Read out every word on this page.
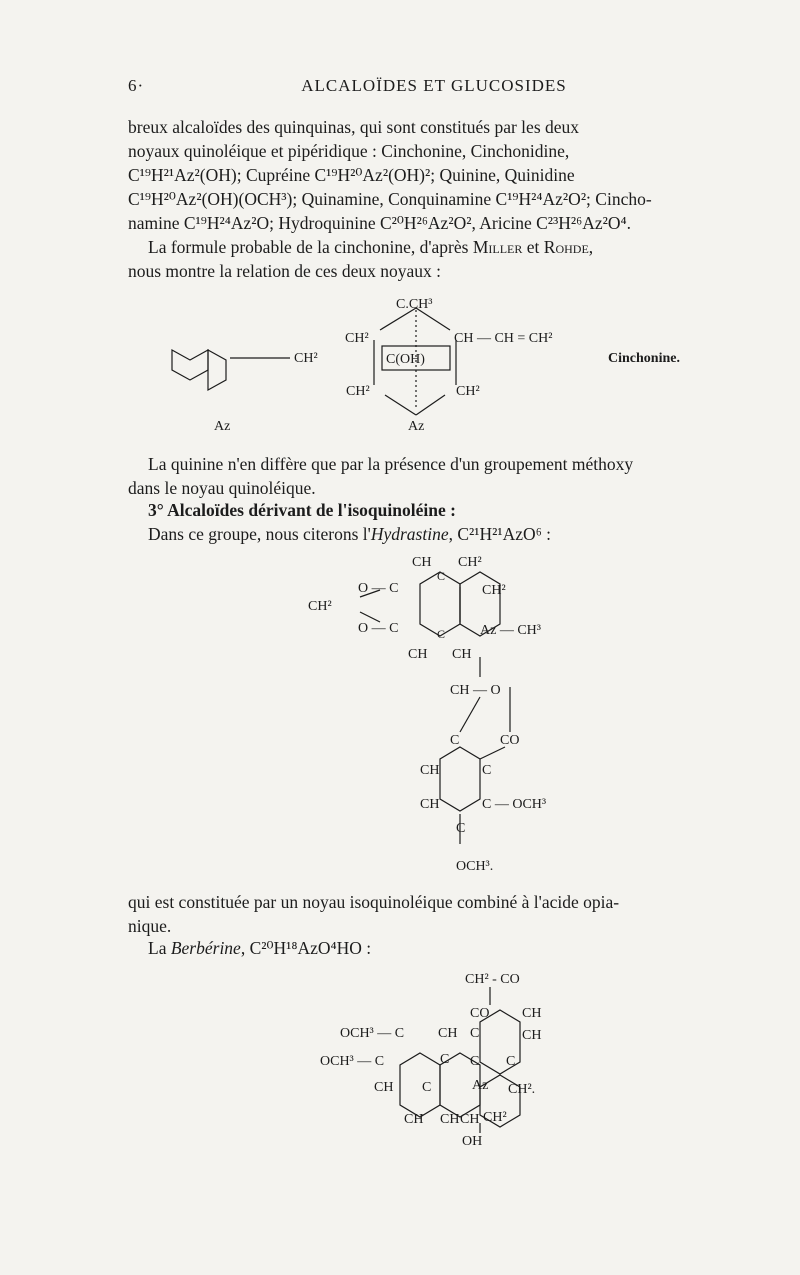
6·	ALCALOÏDES ET GLUCOSIDES

breux alcaloïdes des quinquinas, qui sont constitués par les deux

noyaux quinoléique et pipéridique : Cinchonine, Cinchonidine,

C¹⁹H²¹Az²(OH); Cupréine C¹⁹H²⁰Az²(OH)²; Quinine, Quinidine

C¹⁹H²⁰Az²(OH)(OCH³); Quinamine, Conquinamine C¹⁹H²⁴Az²O²; Cincho-

namine C¹⁹H²⁴Az²O; Hydroquinine C²⁰H²⁶Az²O², Aricine C²³H²⁶Az²O⁴.

La formule probable de la cinchonine, d'après Miller et Rohde,

nous montre la relation de ces deux noyaux :

C.CH³
CH²
CH²	C(OH)
CH — CH = CH²
CH²	CH²
Az	Az
Cinchonine.

La quinine n'en diffère que par la présence d'un groupement méthoxy

dans le noyau quinoléique.

3° Alcaloïdes dérivant de l'isoquinoléine :

Dans ce groupe, nous citerons l'Hydrastine, C²¹H²¹AzO⁶ :

CH CH²
CH²
O — C
O — C
C
CH²
Az — CH³
C
CH CH
CH — O
C	CO
CH	C
CH	C — OCH³
C
OCH³.

qui est constituée par un noyau isoquinoléique combiné à l'acide opia-

nique.

La Berbérine, C²⁰H¹⁸AzO⁴HO :

CH² - CO
CO CH
OCH³ — C CH C	CH
OCH³ — C	C C C
CH C	Az CH².
CH CH CH CH²
OH
